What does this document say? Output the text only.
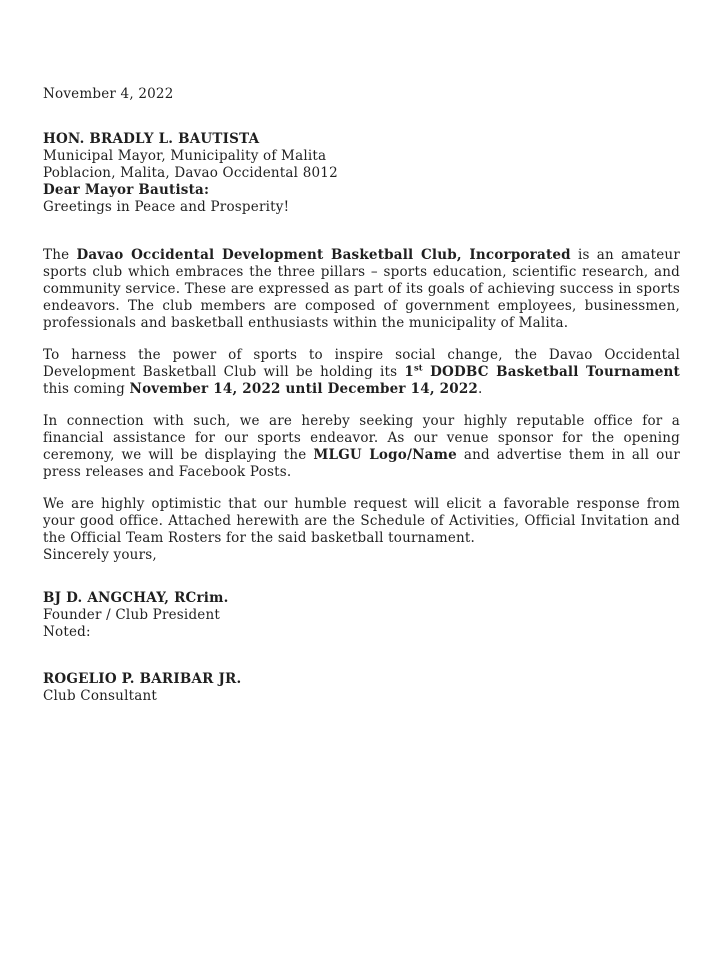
November 4, 2022

HON. BRADLY L. BAUTISTA

Municipal Mayor, Municipality of Malita

Poblacion, Malita, Davao Occidental 8012

Dear Mayor Bautista:

Greetings in Peace and Prosperity!

The Davao Occidental Development Basketball Club, Incorporated is an amateur sports club which embraces the three pillars – sports education, scientific research, and community service. These are expressed as part of its goals of achieving success in sports endeavors. The club members are composed of government employees, businessmen, professionals and basketball enthusiasts within the municipality of Malita.

To harness the power of sports to inspire social change, the Davao Occidental Development Basketball Club will be holding its 1st DODBC Basketball Tournament this coming November 14, 2022 until December 14, 2022.

In connection with such, we are hereby seeking your highly reputable office for a financial assistance for our sports endeavor. As our venue sponsor for the opening ceremony, we will be displaying the MLGU Logo/Name and advertise them in all our press releases and Facebook Posts.

We are highly optimistic that our humble request will elicit a favorable response from your good office. Attached herewith are the Schedule of Activities, Official Invitation and the Official Team Rosters for the said basketball tournament.

Sincerely yours,

BJ D. ANGCHAY, RCrim.

Founder / Club President

Noted:

ROGELIO P. BARIBAR JR.

Club Consultant
